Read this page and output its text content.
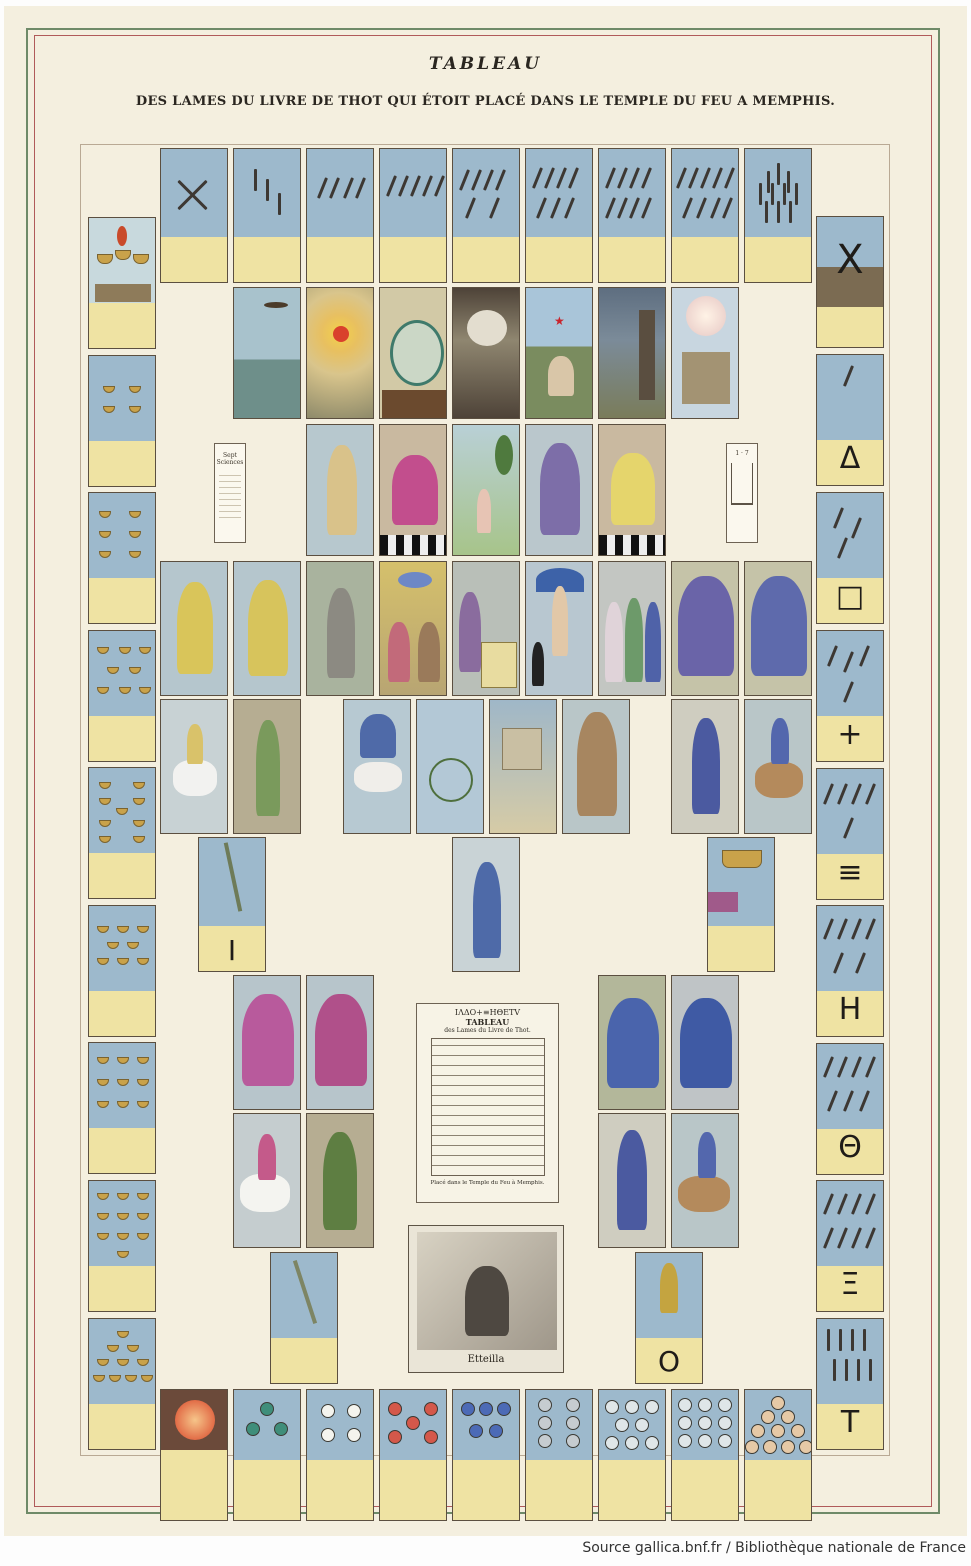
TABLEAU
DES LAMES DU LIVRE DE THOT QUI ÉTOIT PLACÉ DANS LE TEMPLE DU FEU A MEMPHIS.
X
Δ
□
+
≡
H
Θ
Ξ
T
★
Sept
Sciences
1 · 7
I
O
ΙΛΔΟ+≡HΘETV
TABLEAU
des Lames du Livre de Thot.
Placé dans le Temple du Feu à Memphis.
Etteilla
Source gallica.bnf.fr / Bibliothèque nationale de France
